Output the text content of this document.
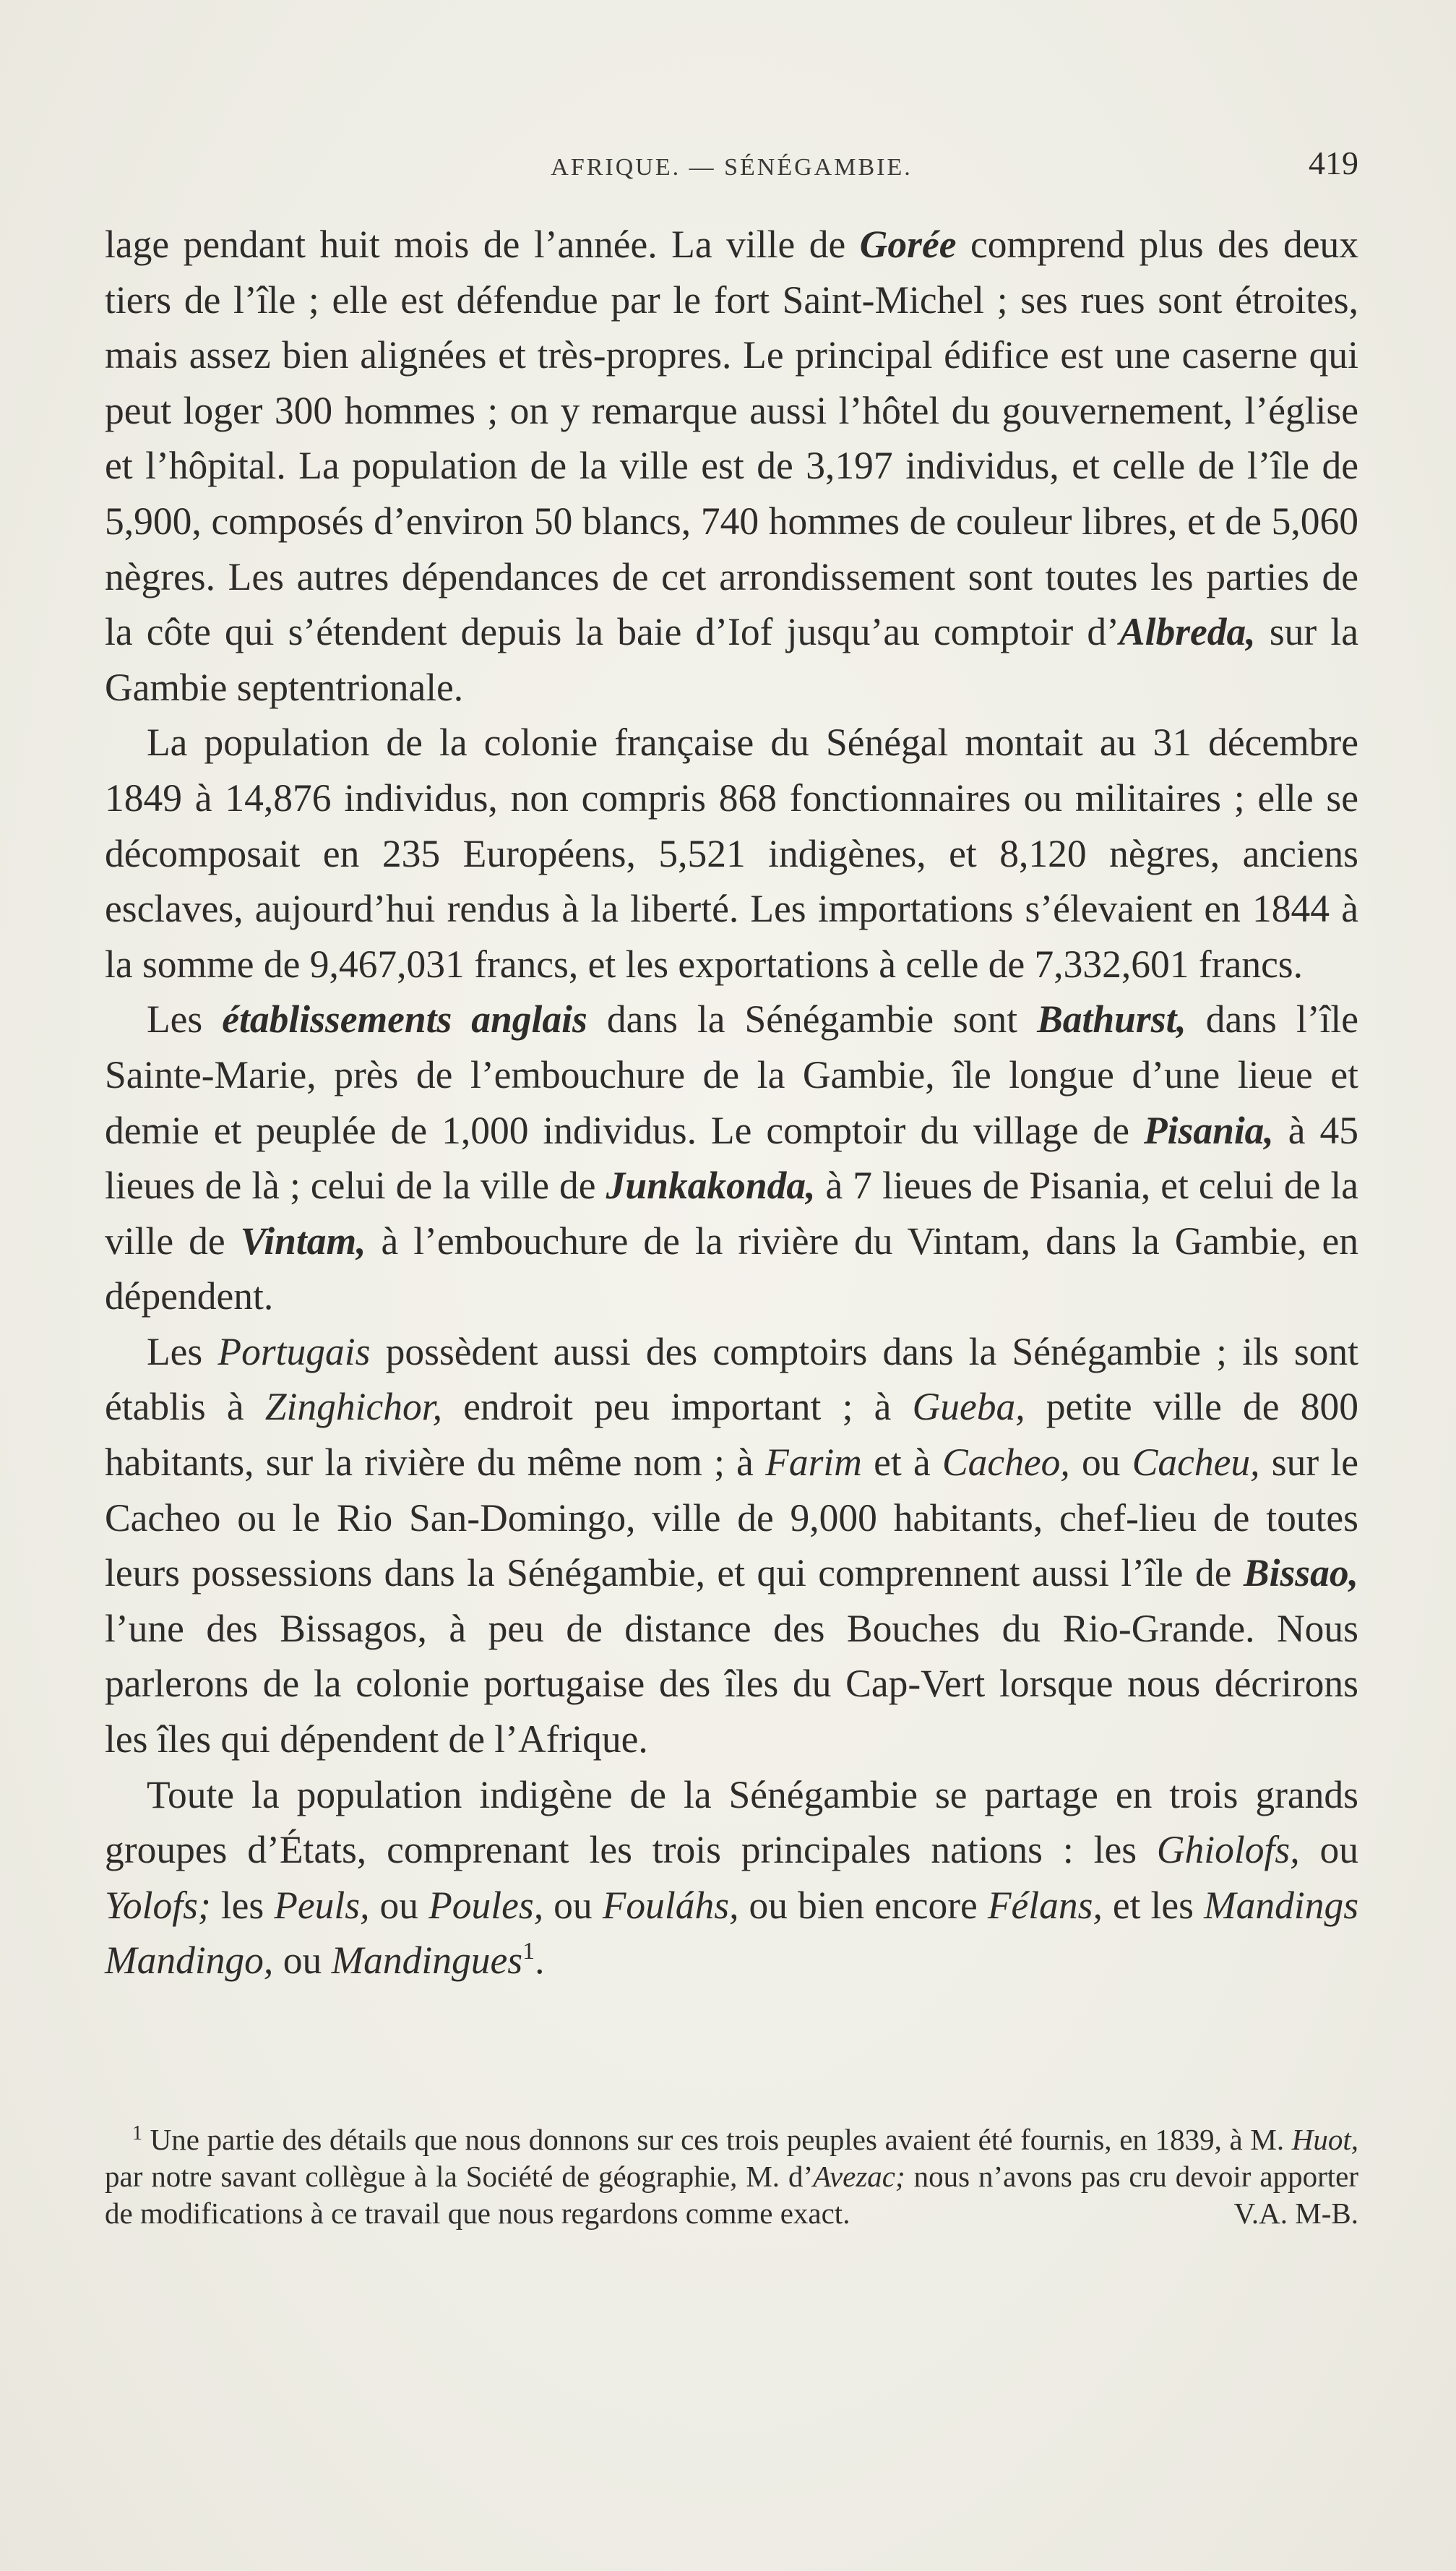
AFRIQUE. — SÉNÉGAMBIE.	419

lage pendant huit mois de l’année. La ville de Gorée comprend plus des deux tiers de l’île ; elle est défendue par le fort Saint-Michel ; ses rues sont étroites, mais assez bien alignées et très-propres. Le principal édifice est une caserne qui peut loger 300 hommes ; on y remarque aussi l’hôtel du gouvernement, l’église et l’hôpital. La population de la ville est de 3,197 individus, et celle de l’île de 5,900, composés d’environ 50 blancs, 740 hommes de couleur libres, et de 5,060 nègres. Les autres dépendances de cet arrondissement sont toutes les parties de la côte qui s’étendent depuis la baie d’Iof jusqu’au comptoir d’Albreda, sur la Gambie septentrionale.

La population de la colonie française du Sénégal montait au 31 décembre 1849 à 14,876 individus, non compris 868 fonctionnaires ou militaires ; elle se décomposait en 235 Européens, 5,521 indigènes, et 8,120 nègres, anciens esclaves, aujourd’hui rendus à la liberté. Les importations s’élevaient en 1844 à la somme de 9,467,031 francs, et les exportations à celle de 7,332,601 francs.

Les établissements anglais dans la Sénégambie sont Bathurst, dans l’île Sainte-Marie, près de l’embouchure de la Gambie, île longue d’une lieue et demie et peuplée de 1,000 individus. Le comptoir du village de Pisania, à 45 lieues de là ; celui de la ville de Junkakonda, à 7 lieues de Pisania, et celui de la ville de Vintam, à l’embouchure de la rivière du Vintam, dans la Gambie, en dépendent.

Les Portugais possèdent aussi des comptoirs dans la Sénégambie ; ils sont établis à Zinghichor, endroit peu important ; à Gueba, petite ville de 800 habitants, sur la rivière du même nom ; à Farim et à Cacheo, ou Cacheu, sur le Cacheo ou le Rio San-Domingo, ville de 9,000 habitants, chef-lieu de toutes leurs possessions dans la Sénégambie, et qui comprennent aussi l’île de Bissao, l’une des Bissagos, à peu de distance des Bouches du Rio-Grande. Nous parlerons de la colonie portugaise des îles du Cap-Vert lorsque nous décrirons les îles qui dépendent de l’Afrique.

Toute la population indigène de la Sénégambie se partage en trois grands groupes d’États, comprenant les trois principales nations : les Ghiolofs, ou Yolofs; les Peuls, ou Poules, ou Fouláhs, ou bien encore Félans, et les Mandings Mandingo, ou Mandingues$^1$.

$^1$ Une partie des détails que nous donnons sur ces trois peuples avaient été fournis, en 1839, à M. Huot, par notre savant collègue à la Société de géographie, M. d’Avezac; nous n’avons pas cru devoir apporter de modifications à ce travail que nous regardons comme exact.	V.A. M-B.
